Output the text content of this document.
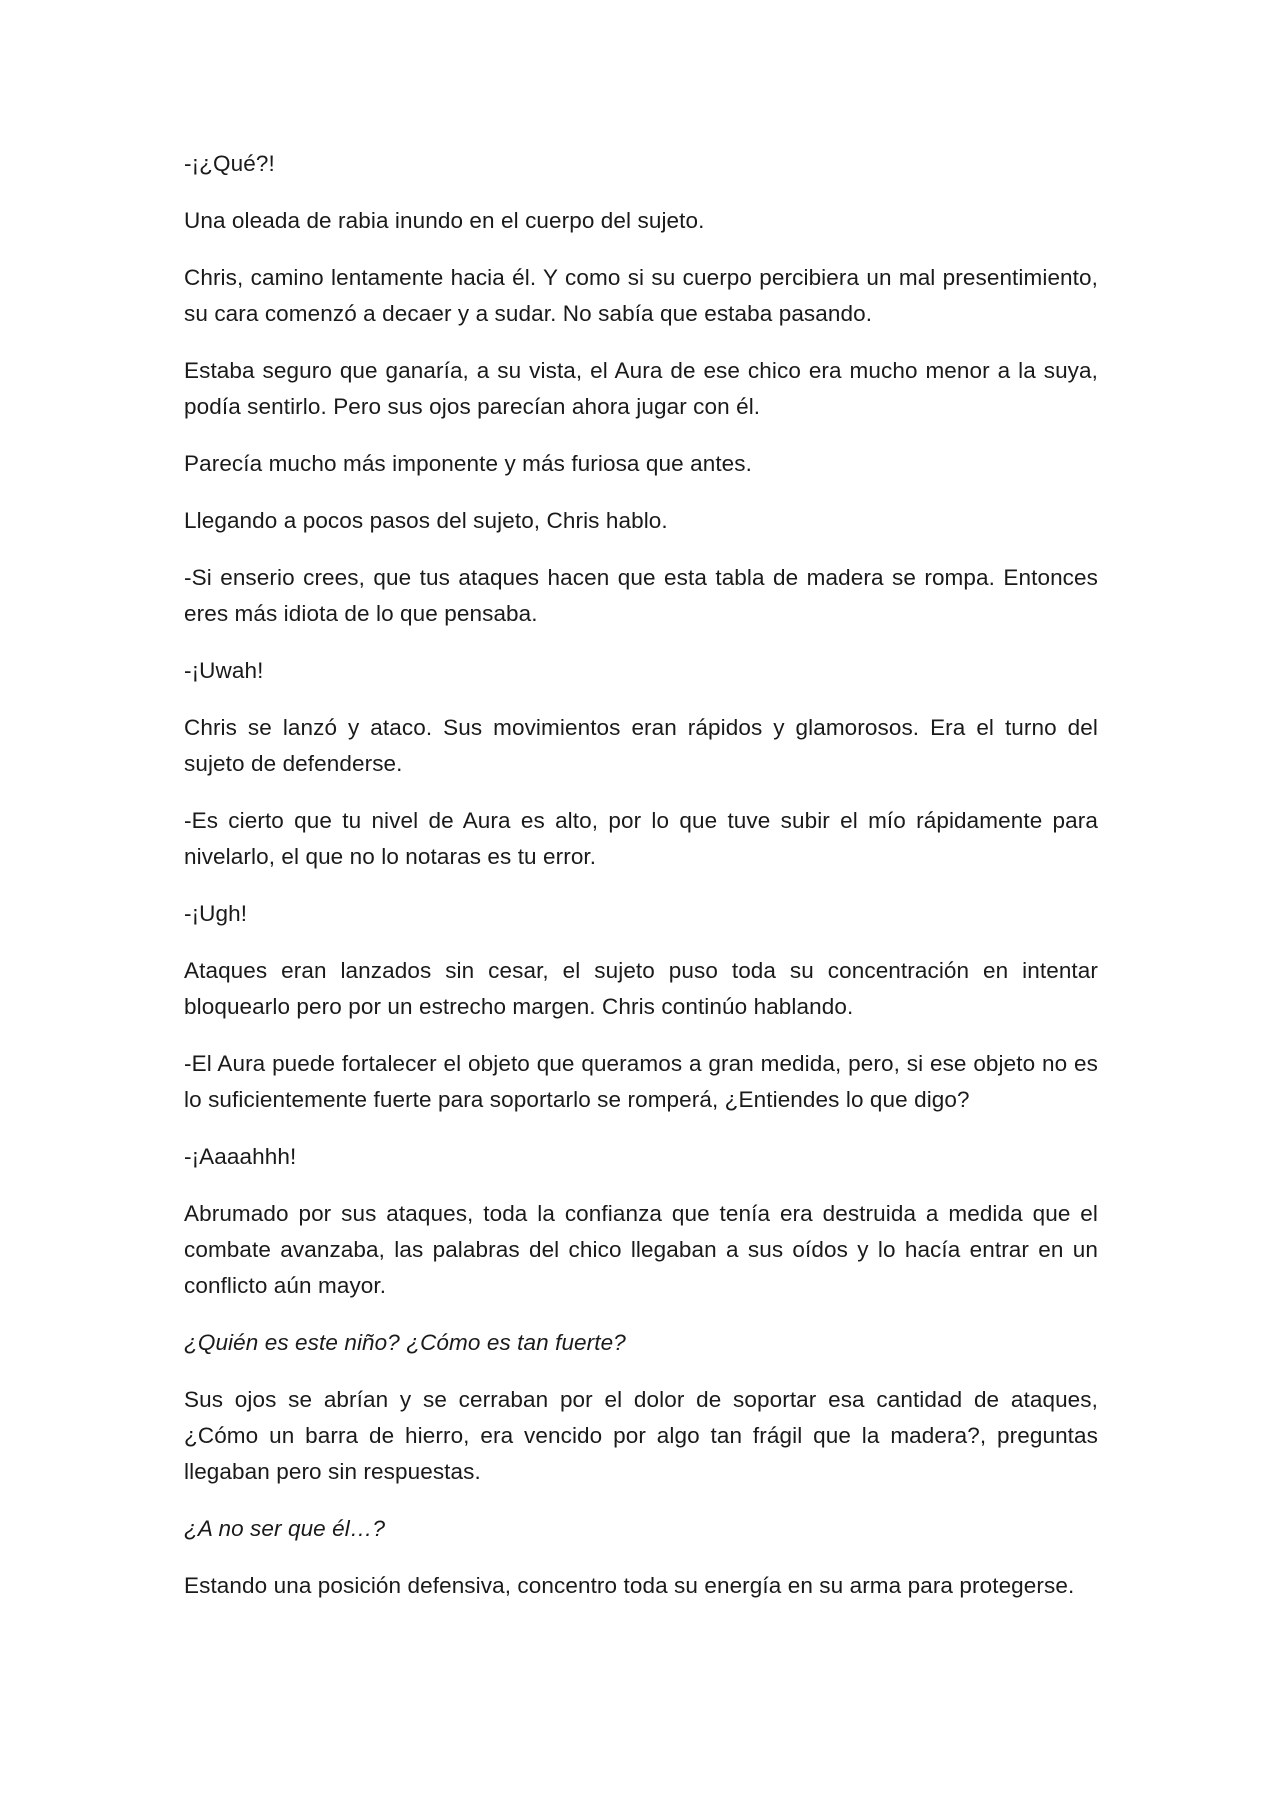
-¡¿Qué?!

Una oleada de rabia inundo en el cuerpo del sujeto.

Chris, camino lentamente hacia él. Y como si su cuerpo percibiera un mal presentimiento, su cara comenzó a decaer y a sudar. No sabía que estaba pasando.

Estaba seguro que ganaría, a su vista, el Aura de ese chico era mucho menor a la suya, podía sentirlo. Pero sus ojos parecían ahora jugar con él.

Parecía mucho más imponente y más furiosa que antes.

Llegando a pocos pasos del sujeto, Chris hablo.

-Si enserio crees, que tus ataques hacen que esta tabla de madera se rompa. Entonces eres más idiota de lo que pensaba.

-¡Uwah!

Chris se lanzó y ataco. Sus movimientos eran rápidos y glamorosos. Era el turno del sujeto de defenderse.

-Es cierto que tu nivel de Aura es alto, por lo que tuve subir el mío rápidamente para nivelarlo, el que no lo notaras es tu error.

-¡Ugh!

Ataques eran lanzados sin cesar, el sujeto puso toda su concentración en intentar bloquearlo pero por un estrecho margen. Chris continúo hablando.

-El Aura puede fortalecer el objeto que queramos a gran medida, pero, si ese objeto no es lo suficientemente fuerte para soportarlo se romperá, ¿Entiendes lo que digo?

-¡Aaaahhh!

Abrumado por sus ataques, toda la confianza que tenía era destruida a medida que el combate avanzaba, las palabras del chico llegaban a sus oídos y lo hacía entrar en un conflicto aún mayor.

¿Quién es este niño? ¿Cómo es tan fuerte?

Sus ojos se abrían y se cerraban por el dolor de soportar esa cantidad de ataques, ¿Cómo un barra de hierro, era vencido por algo tan frágil que la madera?, preguntas llegaban pero sin respuestas.

¿A no ser que él…?

Estando una posición defensiva, concentro toda su energía en su arma para protegerse.
